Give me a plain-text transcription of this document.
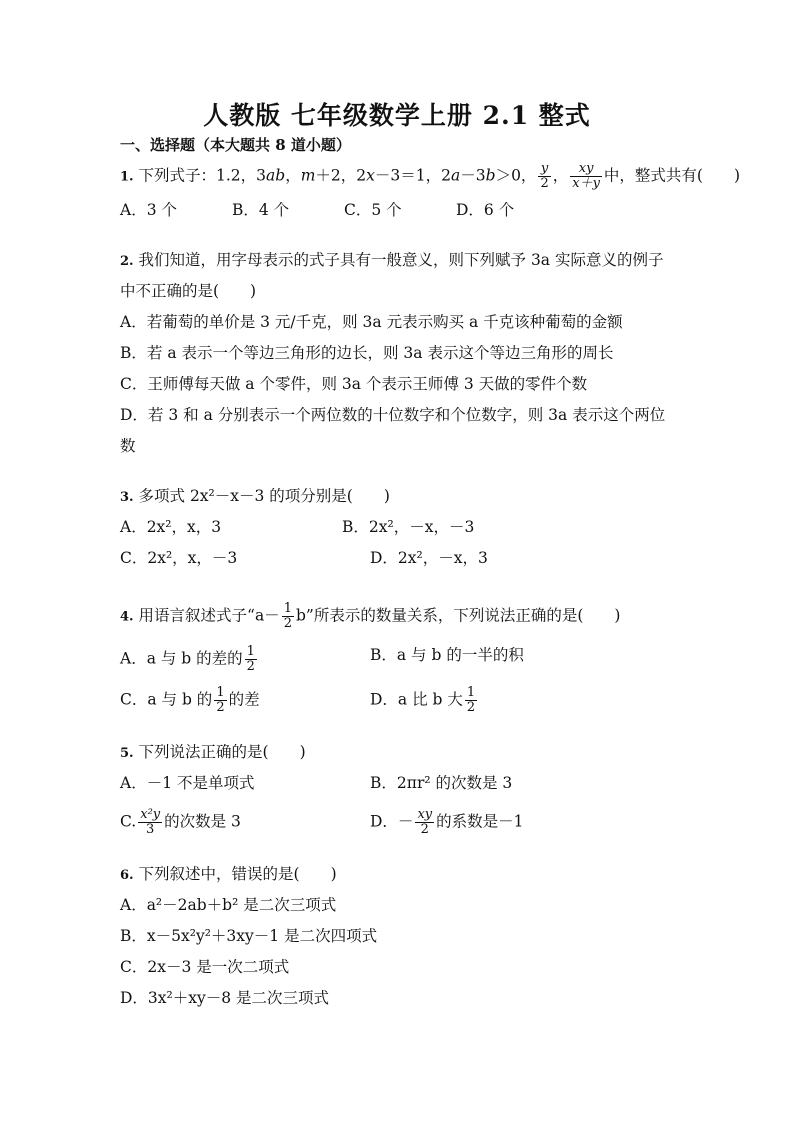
人教版 七年级数学上册 2.1 整式
一、选择题（本大题共 8 道小题）
1. 下列式子：1.2，3ab，m＋2，2x－3＝1，2a－3b＞0， $\frac{y}{2}$ ， $\frac{xy}{x+y}$ 中，整式共有(　　)
A．3 个	B．4 个	C．5 个	D．6 个
2. 我们知道，用字母表示的式子具有一般意义，则下列赋予 3a 实际意义的例子
中不正确的是(　　)
A．若葡萄的单价是 3 元/千克，则 3a 元表示购买 a 千克该种葡萄的金额
B．若 a 表示一个等边三角形的边长，则 3a 表示这个等边三角形的周长
C．王师傅每天做 a 个零件，则 3a 个表示王师傅 3 天做的零件个数
D．若 3 和 a 分别表示一个两位数的十位数字和个位数字，则 3a 表示这个两位
数
3. 多项式 2x²－x－3 的项分别是(　　)
A．2x²，x，3	B．2x²，－x，－3
C．2x²，x，－3	D．2x²，－x，3
4. 用语言叙述式子“$a- \frac{1}{2} b$”所表示的数量关系，下列说法正确的是(　　)
A．a 与 b 的差的 $\frac{1}{2}$	B．a 与 b 的一半的积
C．a 与 b 的 $\frac{1}{2}$ 的差	D．a 比 b 大 $\frac{1}{2}$
5. 下列说法正确的是(　　)
A．－1 不是单项式	B．2πr² 的次数是 3
C. $\frac{\text{x²y}}{3}$ 的次数是 3	D．－ $\frac{xy}{2}$ 的系数是－1
6. 下列叙述中，错误的是(　　)
A．a²－2ab＋b² 是二次三项式
B．x－5x²y²＋3xy－1 是二次四项式
C．2x－3 是一次二项式
D．3x²＋xy－8 是二次三项式
